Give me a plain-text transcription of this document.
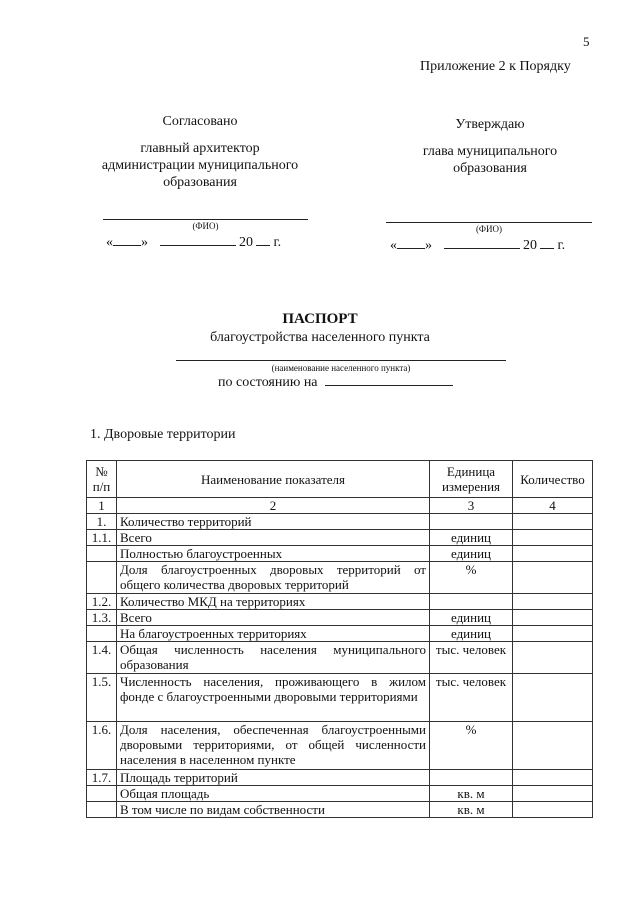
5
Приложение 2 к Порядку
Согласовано
главный архитектор
администрации муниципального
образования
(ФИО)
« »	20 г.
Утверждаю
глава муниципального
образования
(ФИО)
« »	20 г.
ПАСПОРТ
благоустройства населенного пункта
(наименование населенного пункта)
по состоянию на
1. Дворовые территории
№ п/п	Наименование показателя	Единица измерения	Количество
1	2	3	4
1.	Количество территорий		
1.1.	Всего	единиц	
	Полностью благоустроенных	единиц	
	Доля благоустроенных дворовых территорий от общего количества дворовых территорий	%	
1.2.	Количество МКД на территориях		
1.3.	Всего	единиц	
	На благоустроенных территориях	единиц	
1.4.	Общая численность населения муниципального образования	тыс. человек	
1.5.	Численность населения, проживающего в жилом фонде с благоустроенными дворовыми территориями	тыс. человек	
1.6.	Доля населения, обеспеченная благоустроенными дворовыми территориями, от общей численности населения в населенном пункте	%	
1.7.	Площадь территорий		
	Общая площадь	кв. м	
	В том числе по видам собственности	кв. м	
